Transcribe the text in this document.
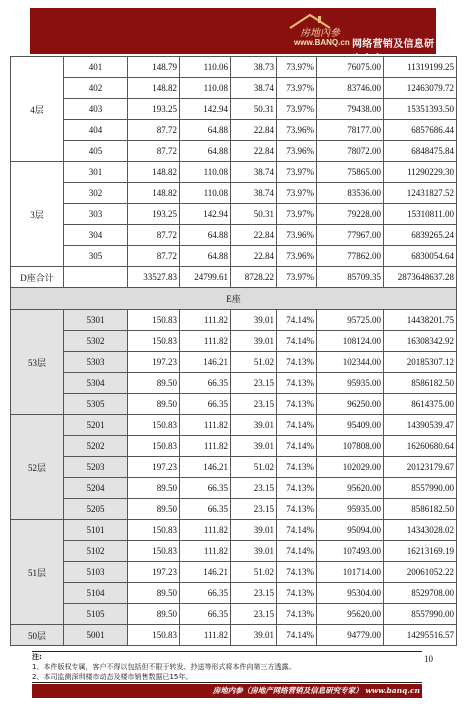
房地內參
www.BANQ.cn 网络营销及信息研究专家
4层	401	148.79	110.06	38.73	73.97%	76075.00	11319199.25
	402	148.82	110.08	38.74	73.97%	83746.00	12463079.72
	403	193.25	142.94	50.31	73.97%	79438.00	15351393.50
	404	87.72	64.88	22.84	73.96%	78177.00	6857686.44
	405	87.72	64.88	22.84	73.96%	78072.00	6848475.84
3层	301	148.82	110.08	38.74	73.97%	75865.00	11290229.30
	302	148.82	110.08	38.74	73.97%	83536.00	12431827.52
	303	193.25	142.94	50.31	73.97%	79228.00	15310811.00
	304	87.72	64.88	22.84	73.96%	77967.00	6839265.24
	305	87.72	64.88	22.84	73.96%	77862.00	6830054.64
D座合计		33527.83	24799.61	8728.22	73.97%	85709.35	2873648637.28
E座							
53层	5301	150.83	111.82	39.01	74.14%	95725.00	14438201.75
	5302	150.83	111.82	39.01	74.14%	108124.00	16308342.92
	5303	197.23	146.21	51.02	74.13%	102344.00	20185307.12
	5304	89.50	66.35	23.15	74.13%	95935.00	8586182.50
	5305	89.50	66.35	23.15	74.13%	96250.00	8614375.00
52层	5201	150.83	111.82	39.01	74.14%	95409.00	14390539.47
	5202	150.83	111.82	39.01	74.14%	107808.00	16260680.64
	5203	197.23	146.21	51.02	74.13%	102029.00	20123179.67
	5204	89.50	66.35	23.15	74.13%	95620.00	8557990.00
	5205	89.50	66.35	23.15	74.13%	95935.00	8586182.50
51层	5101	150.83	111.82	39.01	74.14%	95094.00	14343028.02
	5102	150.83	111.82	39.01	74.14%	107493.00	16213169.19
	5103	197.23	146.21	51.02	74.13%	101714.00	20061052.22
	5104	89.50	66.35	23.15	74.13%	95304.00	8529708.00
	5105	89.50	66.35	23.15	74.13%	95620.00	8557990.00
50层	5001	150.83	111.82	39.01	74.14%	94779.00	14295516.57
注:
1、本件版权专属，客户不得以包括但不限于转发、抄送等形式将本件向第三方透露。
2、本司监测深圳楼市动态及楼市销售数据已15年。
10
房地内参（房地产网络营销及信息研究专家） www.banq.cn
